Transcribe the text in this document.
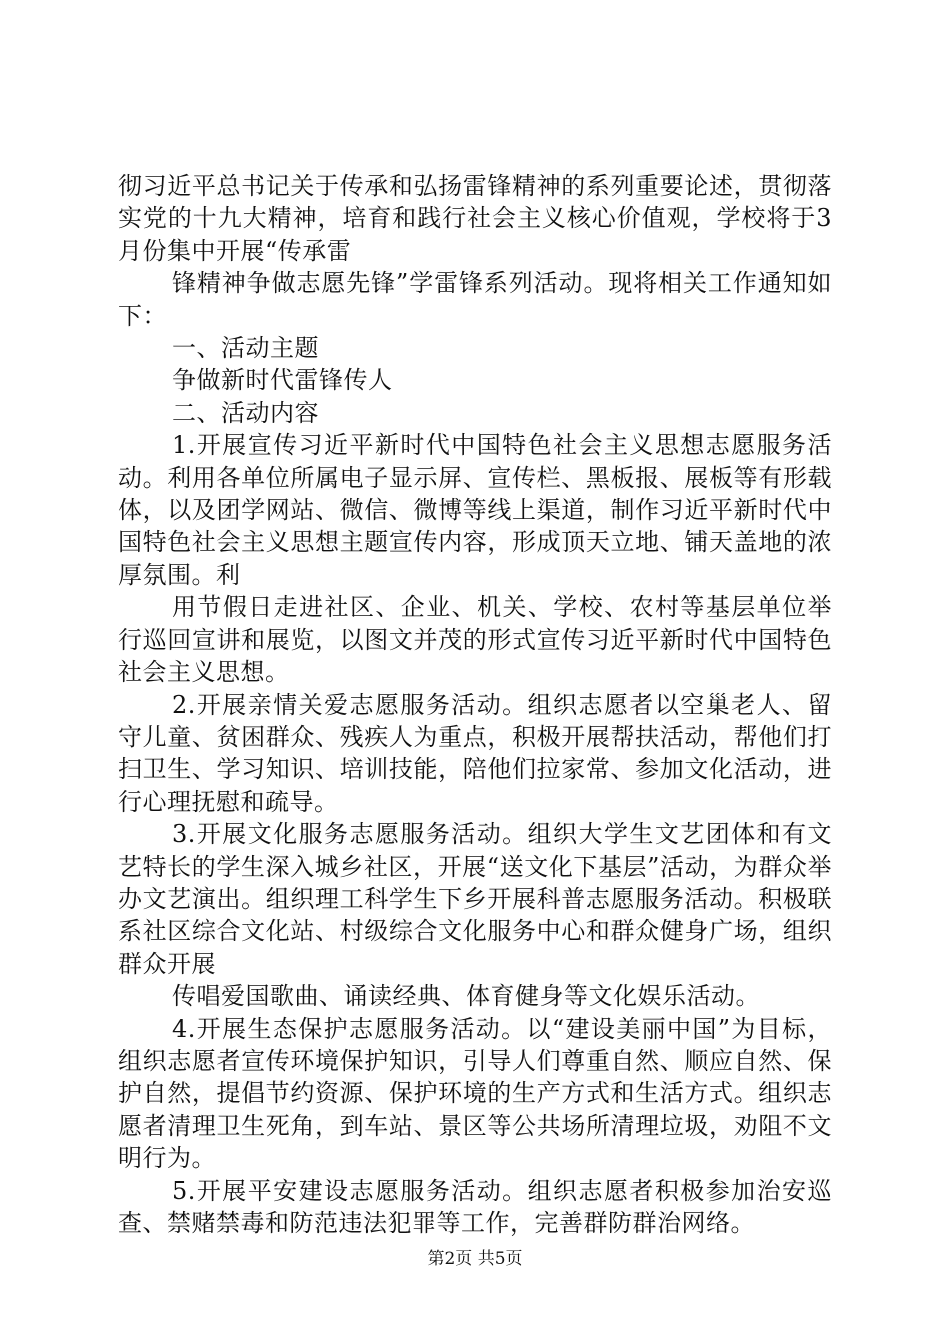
彻习近平总书记关于传承和弘扬雷锋精神的系列重要论述，贯彻落实党的十九大精神，培育和践行社会主义核心价值观，学校将于3月份集中开展“传承雷

锋精神争做志愿先锋”学雷锋系列活动。现将相关工作通知如下：

一、活动主题

争做新时代雷锋传人

二、活动内容

1.开展宣传习近平新时代中国特色社会主义思想志愿服务活动。利用各单位所属电子显示屏、宣传栏、黑板报、展板等有形载体，以及团学网站、微信、微博等线上渠道，制作习近平新时代中国特色社会主义思想主题宣传内容，形成顶天立地、铺天盖地的浓厚氛围。利

用节假日走进社区、企业、机关、学校、农村等基层单位举行巡回宣讲和展览，以图文并茂的形式宣传习近平新时代中国特色社会主义思想。

2.开展亲情关爱志愿服务活动。组织志愿者以空巢老人、留守儿童、贫困群众、残疾人为重点，积极开展帮扶活动，帮他们打扫卫生、学习知识、培训技能，陪他们拉家常、参加文化活动，进行心理抚慰和疏导。

3.开展文化服务志愿服务活动。组织大学生文艺团体和有文艺特长的学生深入城乡社区，开展“送文化下基层”活动，为群众举办文艺演出。组织理工科学生下乡开展科普志愿服务活动。积极联系社区综合文化站、村级综合文化服务中心和群众健身广场，组织群众开展

传唱爱国歌曲、诵读经典、体育健身等文化娱乐活动。

4.开展生态保护志愿服务活动。以“建设美丽中国”为目标，组织志愿者宣传环境保护知识，引导人们尊重自然、顺应自然、保护自然，提倡节约资源、保护环境的生产方式和生活方式。组织志愿者清理卫生死角，到车站、景区等公共场所清理垃圾，劝阻不文明行为。

5.开展平安建设志愿服务活动。组织志愿者积极参加治安巡查、禁赌禁毒和防范违法犯罪等工作，完善群防群治网络。

第2页 共5页
